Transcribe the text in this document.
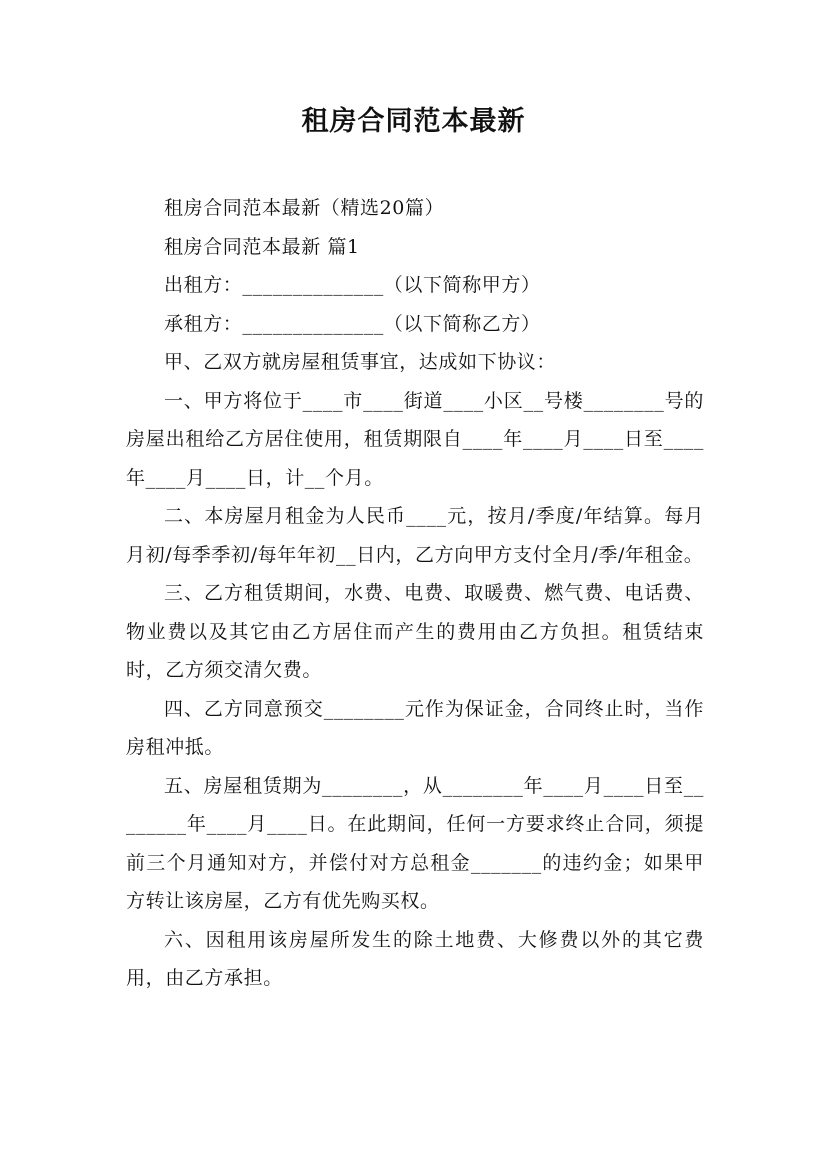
租房合同范本最新

租房合同范本最新（精选20篇）

租房合同范本最新 篇1

出租方：______________（以下简称甲方）

承租方：______________（以下简称乙方）

甲、乙双方就房屋租赁事宜，达成如下协议：

一、甲方将位于____市____街道____小区__号楼________号的房屋出租给乙方居住使用，租赁期限自____年____月____日至____年____月____日，计__个月。

二、本房屋月租金为人民币____元，按月/季度/年结算。每月月初/每季季初/每年年初__日内，乙方向甲方支付全月/季/年租金。

三、乙方租赁期间，水费、电费、取暖费、燃气费、电话费、物业费以及其它由乙方居住而产生的费用由乙方负担。租赁结束时，乙方须交清欠费。

四、乙方同意预交________元作为保证金，合同终止时，当作房租冲抵。

五、房屋租赁期为________，从________年____月____日至________年____月____日。在此期间，任何一方要求终止合同，须提前三个月通知对方，并偿付对方总租金_______的违约金；如果甲方转让该房屋，乙方有优先购买权。

六、因租用该房屋所发生的除土地费、大修费以外的其它费用，由乙方承担。
